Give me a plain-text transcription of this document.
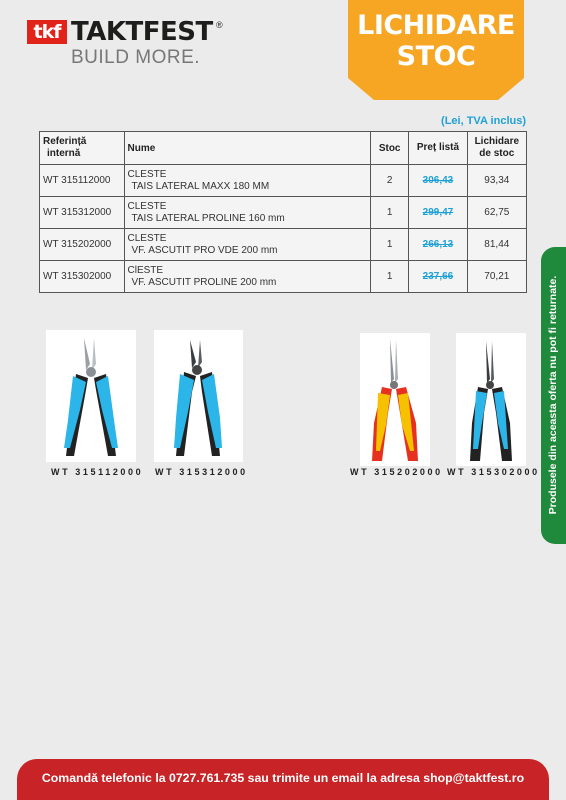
tkf TAKTFEST ®
BUILD MORE.
LICHIDARE
STOC
(Lei, TVA inclus)
Referință
internă	Nume	Stoc	Preț listă	Lichidare
de stoc

WT 315112000	CLESTE
TAIS LATERAL MAXX 180 MM	2	306,43	93,34
WT 315312000	CLESTE
TAIS LATERAL PROLINE 160 mm	1	299,47	62,75
WT 315202000	CLESTE
VF. ASCUTIT PRO VDE 200 mm	1	266,13	81,44
WT 315302000	ClESTE
VF. ASCUTIT PROLINE 200 mm	1	237,66	70,21
WT 315112000 WT 315312000	WT 315202000 WT 315302000 Produsele din aceasta oferta nu pot fi returnate.
Comandă telefonic la 0727.761.735 sau trimite un email la adresa shop@taktfest.ro
